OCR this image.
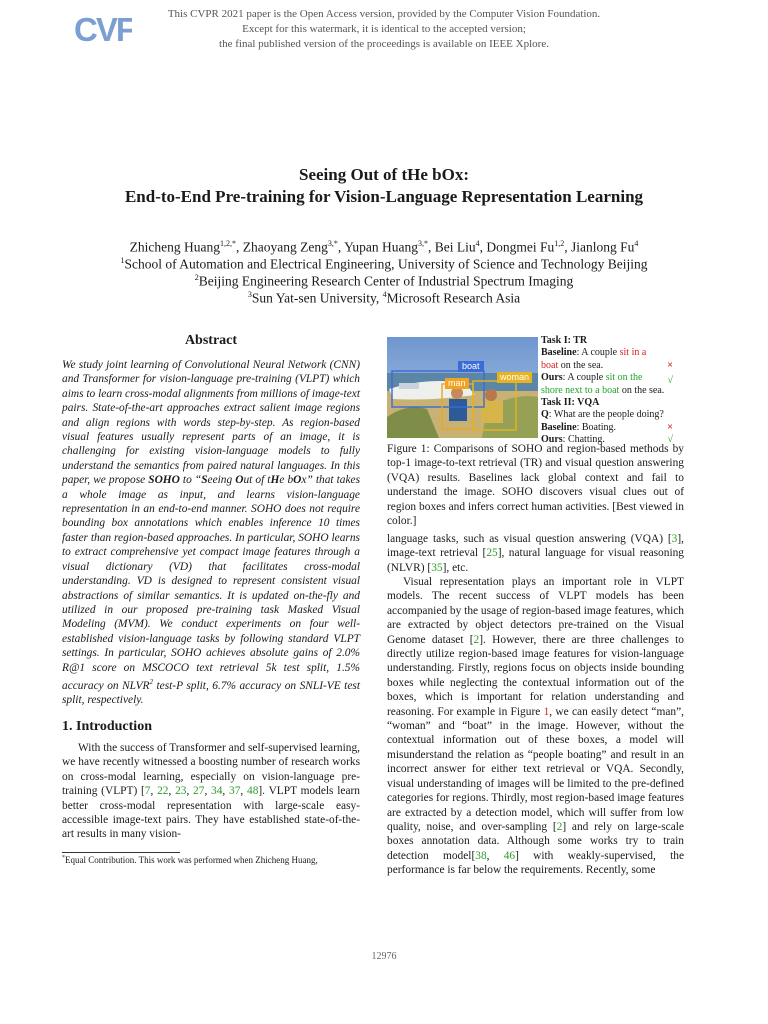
CVF	This CVPR 2021 paper is the Open Access version, provided by the Computer Vision Foundation.
Except for this watermark, it is identical to the accepted version;
the final published version of the proceedings is available on IEEE Xplore.
Seeing Out of tHe bOx:
End-to-End Pre-training for Vision-Language Representation Learning
Zhicheng Huang$^{1,2,*}$, Zhaoyang Zeng$^{3,*}$, Yupan Huang$^{3,*}$, Bei Liu$^4$, Dongmei Fu$^{1,2}$, Jianlong Fu$^4$
$^1$School of Automation and Electrical Engineering, University of Science and Technology Beijing
$^2$Beijing Engineering Research Center of Industrial Spectrum Imaging
$^3$Sun Yat-sen University, $^4$Microsoft Research Asia
Abstract
We study joint learning of Convolutional Neural Network (CNN) and Transformer for vision-language pre-training (VLPT) which aims to learn cross-modal alignments from millions of image-text pairs. State-of-the-art approaches extract salient image regions and align regions with words step-by-step. As region-based visual features usually represent parts of an image, it is challenging for existing vision-language models to fully understand the semantics from paired natural languages. In this paper, we propose SOHO to “Seeing Out of tHe bOx” that takes a whole image as input, and learns vision-language representation in an end-to-end manner. SOHO does not require bounding box annotations which enables inference 10 times faster than region-based approaches. In particular, SOHO learns to extract comprehensive yet compact image features through a visual dictionary (VD) that facilitates cross-modal understanding. VD is designed to represent consistent visual abstractions of similar semantics. It is updated on-the-fly and utilized in our proposed pre-training task Masked Visual Modeling (MVM). We conduct experiments on four well-established vision-language tasks by following standard VLPT settings. In particular, SOHO achieves absolute gains of 2.0% R@1 score on MSCOCO text retrieval 5k test split, 1.5% accuracy on NLVR$^2$ test-P split, 6.7% accuracy on SNLI-VE test split, respectively.
1. Introduction
With the success of Transformer and self-supervised learning, we have recently witnessed a boosting number of research works on cross-modal learning, especially on vision-language pre-training (VLPT) [7, 22, 23, 27, 34, 37, 48]. VLPT models learn better cross-modal representation with large-scale easy-accessible image-text pairs. They have established state-of-the-art results in many vision-
*Equal Contribution. This work was performed when Zhicheng Huang,
boat
man
woman
Task I: TR
Baseline: A couple sit in a
boat on the sea.	×
Ours: A couple sit on the	√
shore next to a boat on the sea.
Task II: VQA
Q: What are the people doing?
Baseline: Boating.	×
Ours: Chatting.	√
Figure 1: Comparisons of SOHO and region-based methods by top-1 image-to-text retrieval (TR) and visual question answering (VQA) results. Baselines lack global context and fail to understand the image. SOHO discovers visual clues out of region boxes and infers correct human activities. [Best viewed in color.]
language tasks, such as visual question answering (VQA) [3], image-text retrieval [25], natural language for visual reasoning (NLVR) [35], etc.
Visual representation plays an important role in VLPT models. The recent success of VLPT models has been accompanied by the usage of region-based image features, which are extracted by object detectors pre-trained on the Visual Genome dataset [2]. However, there are three challenges to directly utilize region-based image features for vision-language understanding. Firstly, regions focus on objects inside bounding boxes while neglecting the contextual information out of the boxes, which is important for relation understanding and reasoning. For example in Figure 1, we can easily detect “man”, “woman” and “boat” in the image. However, without the contextual information out of these boxes, a model will misunderstand the relation as “people boating” and result in an incorrect answer for either text retrieval or VQA. Secondly, visual understanding of images will be limited to the pre-defined categories for regions. Thirdly, most region-based image features are extracted by a detection model, which will suffer from low quality, noise, and over-sampling [2] and rely on large-scale boxes annotation data. Although some works try to train detection model[38, 46] with weakly-supervised, the performance is far below the requirements. Recently, some
12976
